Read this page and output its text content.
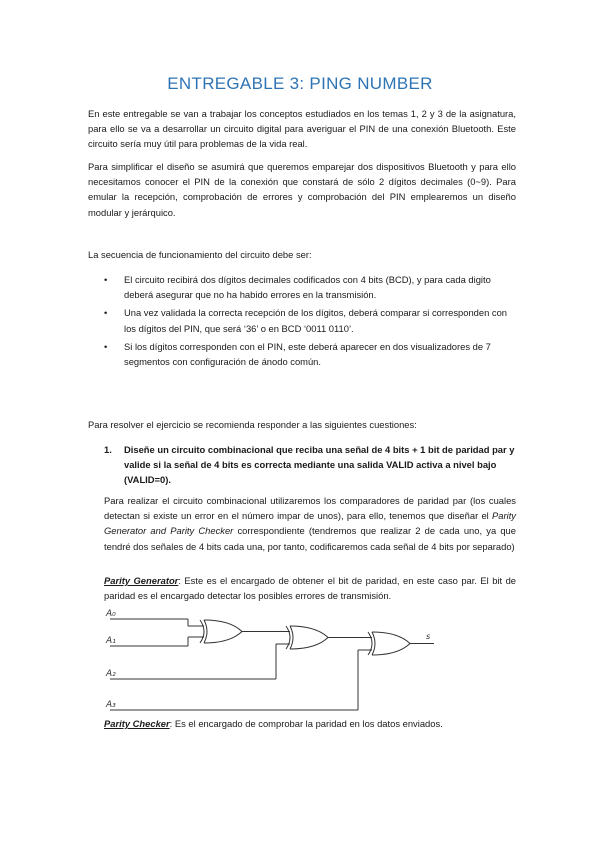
ENTREGABLE 3: PING NUMBER

En este entregable se van a trabajar los conceptos estudiados en los temas 1, 2 y 3 de la asignatura, para ello se va a desarrollar un circuito digital para averiguar el PIN de una conexión Bluetooth. Este circuito sería muy útil para problemas de la vida real.

Para simplificar el diseño se asumirá que queremos emparejar dos dispositivos Bluetooth y para ello necesitamos conocer el PIN de la conexión que constará de sólo 2 dígitos decimales (0~9). Para emular la recepción, comprobación de errores y comprobación del PIN emplearemos un diseño modular y jerárquico.

La secuencia de funcionamiento del circuito debe ser:

• El circuito recibirá dos dígitos decimales codificados con 4 bits (BCD), y para cada digito deberá asegurar que no ha habido errores en la transmisión.
• Una vez validada la correcta recepción de los dígitos, deberá comparar si corresponden con los dígitos del PIN, que será ‘36’ o en BCD ‘0011 0110’.
• Si los dígitos corresponden con el PIN, este deberá aparecer en dos visualizadores de 7 segmentos con configuración de ánodo común.

Para resolver el ejercicio se recomienda responder a las siguientes cuestiones:

1.	Diseñe un circuito combinacional que reciba una señal de 4 bits + 1 bit de paridad par y valide si la señal de 4 bits es correcta mediante una salida VALID activa a nivel bajo (VALID=0).

Para realizar el circuito combinacional utilizaremos los comparadores de paridad par (los cuales detectan si existe un error en el número impar de unos), para ello, tenemos que diseñar el Parity Generator and Parity Checker correspondiente (tendremos que realizar 2 de cada uno, ya que tendré dos señales de 4 bits cada una, por tanto, codificaremos cada señal de 4 bits por separado)

Parity Generator: Este es el encargado de obtener el bit de paridad, en este caso par. El bit de paridad es el encargado detectar los posibles errores de transmisión.

A₀
A₁
A₂
A₃
s

Parity Checker: Es el encargado de comprobar la paridad en los datos enviados.
